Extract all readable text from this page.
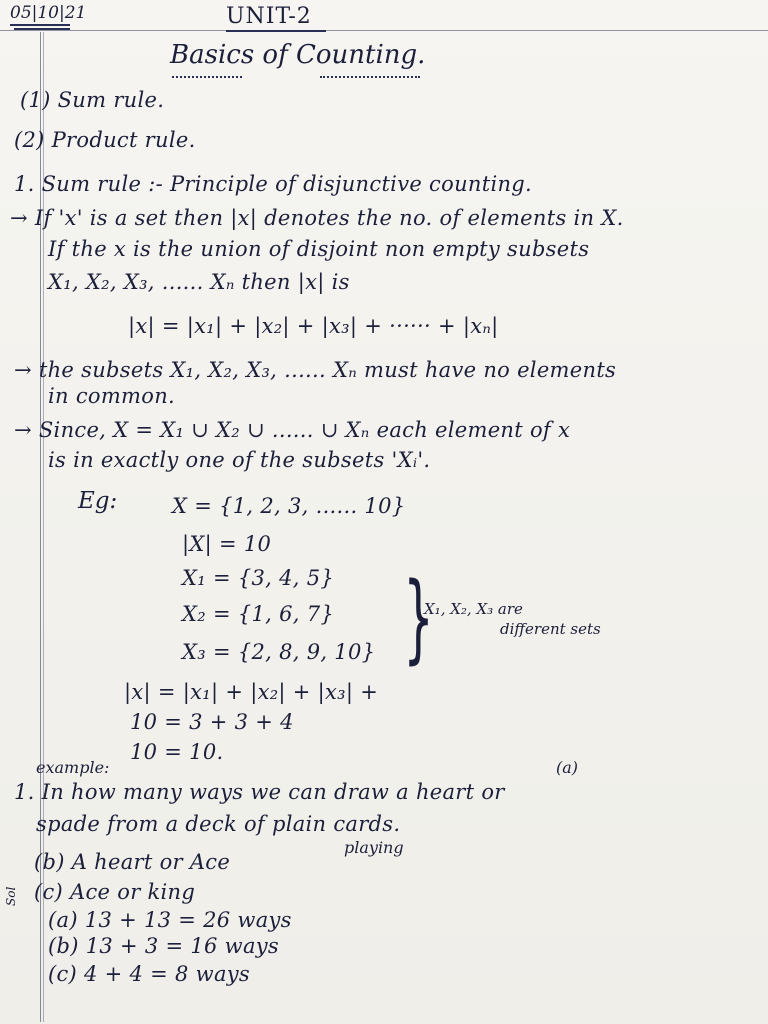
05|10|21	UNIT-2
Basics of Counting.
(1) Sum rule.
(2) Product rule.
1. Sum rule :- Principle of disjunctive counting.
→ If 'x' is a set then |x| denotes the no. of elements in X.
If the x is the union of disjoint non empty subsets
X₁, X₂, X₃, ...... Xₙ then |x| is
|x| = |x₁| + |x₂| + |x₃| + ······ + |xₙ|
→ the subsets X₁, X₂, X₃, ...... Xₙ must have no elements
in common.
→ Since, X = X₁ ∪ X₂ ∪ ...... ∪ Xₙ each element of x
is in exactly one of the subsets 'Xᵢ'.
Eg:	X = {1, 2, 3, ...... 10}
|X| = 10
X₁ = {3, 4, 5}
X₂ = {1, 6, 7}
X₃ = {2, 8, 9, 10} }
X₁, X₂, X₃ are
different sets
|x| = |x₁| + |x₂| + |x₃| +
10 = 3 + 3 + 4
10 = 10.
example:	(a)
1. In how many ways we can draw a heart or
spade from a deck of plain cards.
playing
(b) A heart or Ace
(c) Ace or king
Sol
(a) 13 + 13 = 26 ways
(b) 13 + 3 = 16 ways
(c) 4 + 4 = 8 ways
